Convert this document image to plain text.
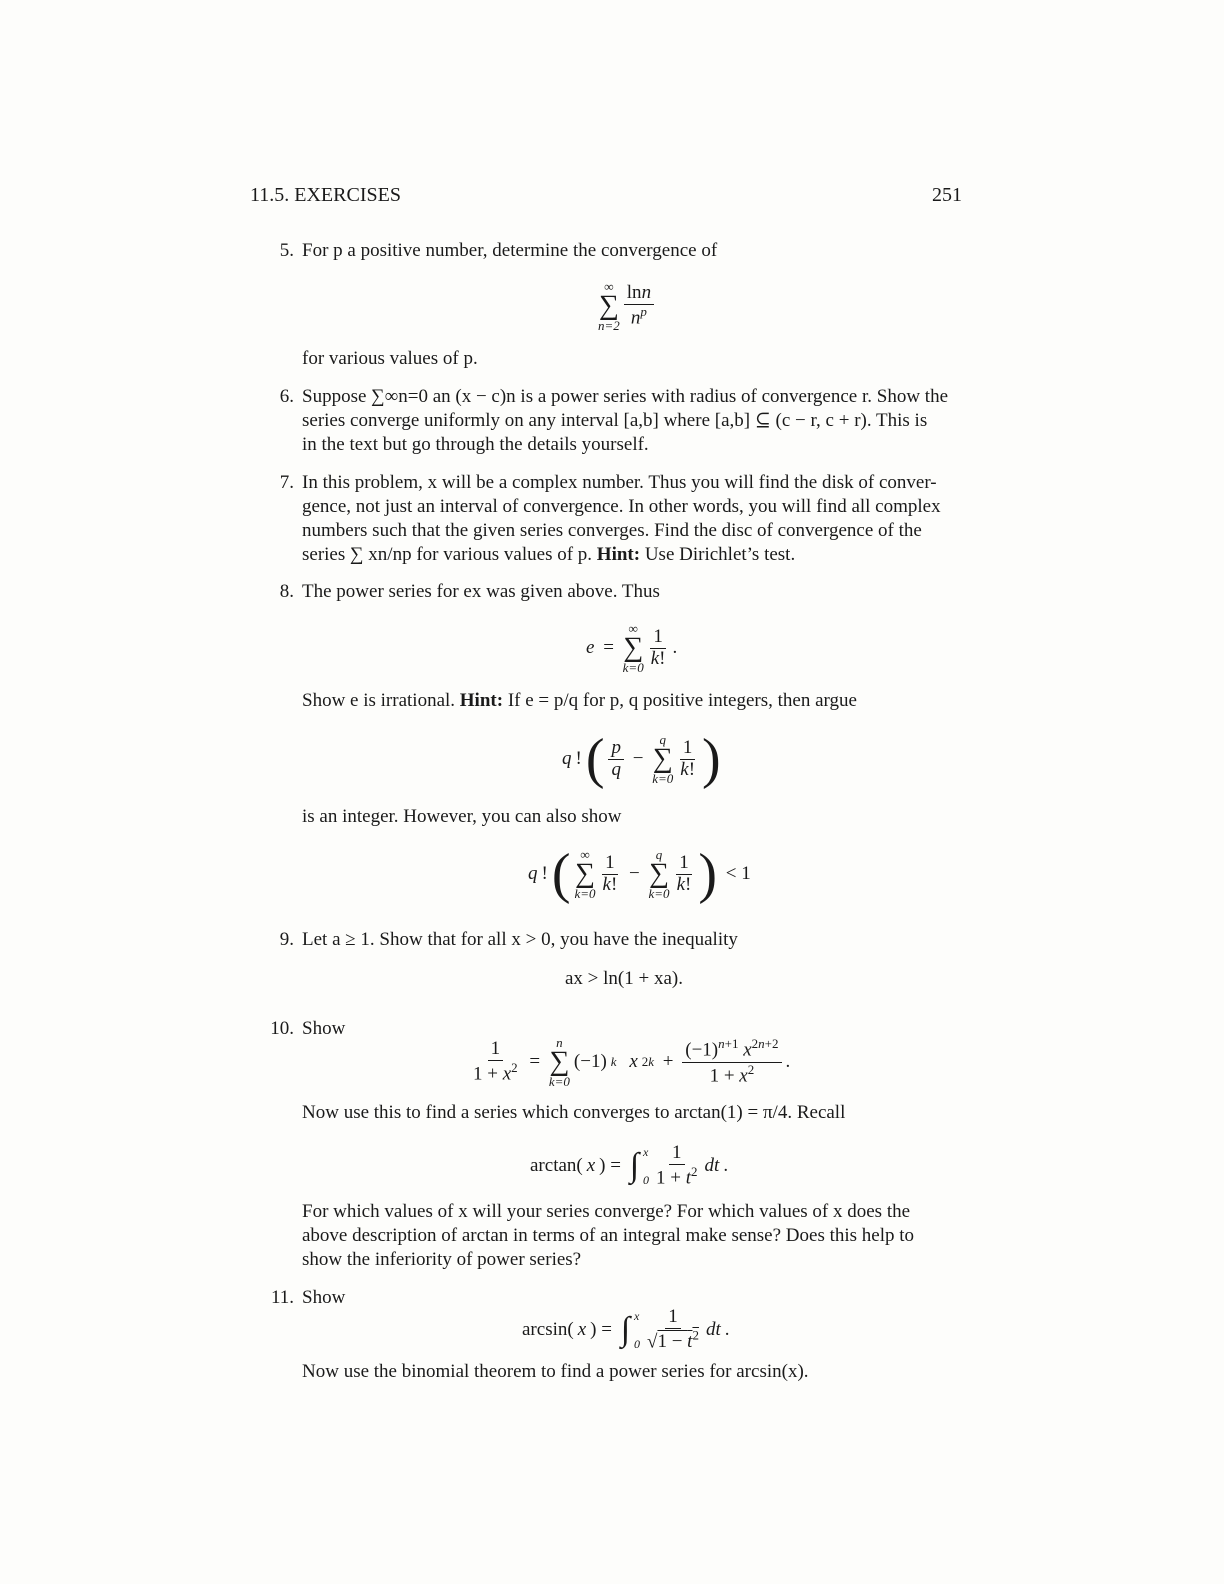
11.5. EXERCISES	251
5. For p a positive number, determine the convergence of
∞
∑
$n=2 \frac{\ln n}{n^p}$
for various values of p.
6. Suppose ∑∞n=0 an (x − c)n is a power series with radius of convergence r. Show the
series converge uniformly on any interval [a,b] where [a,b] ⊆ (c − r, c + r). This is
in the text but go through the details yourself.
7. In this problem, x will be a complex number. Thus you will find the disk of conver-
gence, not just an interval of convergence. In other words, you will find all complex
numbers such that the given series converges. Find the disc of convergence of the
series ∑ xn/np for various values of p. Hint: Use Dirichlet’s test.
8. The power series for ex was given above. Thus
e =
∞
∑
$k=0 \frac{1}{k!}$ .
Show e is irrational. Hint: If e = p/q for p, q positive integers, then argue
q ! ( $\frac{p}{q}$ −
q
∑
$k=0 \frac{1}{k!}$ )
is an integer. However, you can also show
q ! ( ∞
∑
$k=0 \frac{1}{k!}$ −
q
∑
$k=0 \frac{1}{k!}$ ) < 1
9. Let a ≥ 1. Show that for all x > 0, you have the inequality
ax > ln(1 + xa).
10. Show
$\frac{1}{1 + x^2}$ =
n
∑
k=0
(−1) k
x $2k + \frac{(-1)^{n+1} x^{2n+2}}{1 + x^2}$ .
Now use this to find a series which converges to arctan(1) = π/4. Recall
arctan( x ) = ∫ x
$0 \frac{1}{1 + t^2}$ dt .
For which values of x will your series converge? For which values of x does the
above description of arctan in terms of an integral make sense? Does this help to
show the inferiority of power series?
11. Show
arcsin( x ) = ∫ x
$0 \frac{1}{√1 - t^2}$ dt .
Now use the binomial theorem to find a power series for arcsin(x).
